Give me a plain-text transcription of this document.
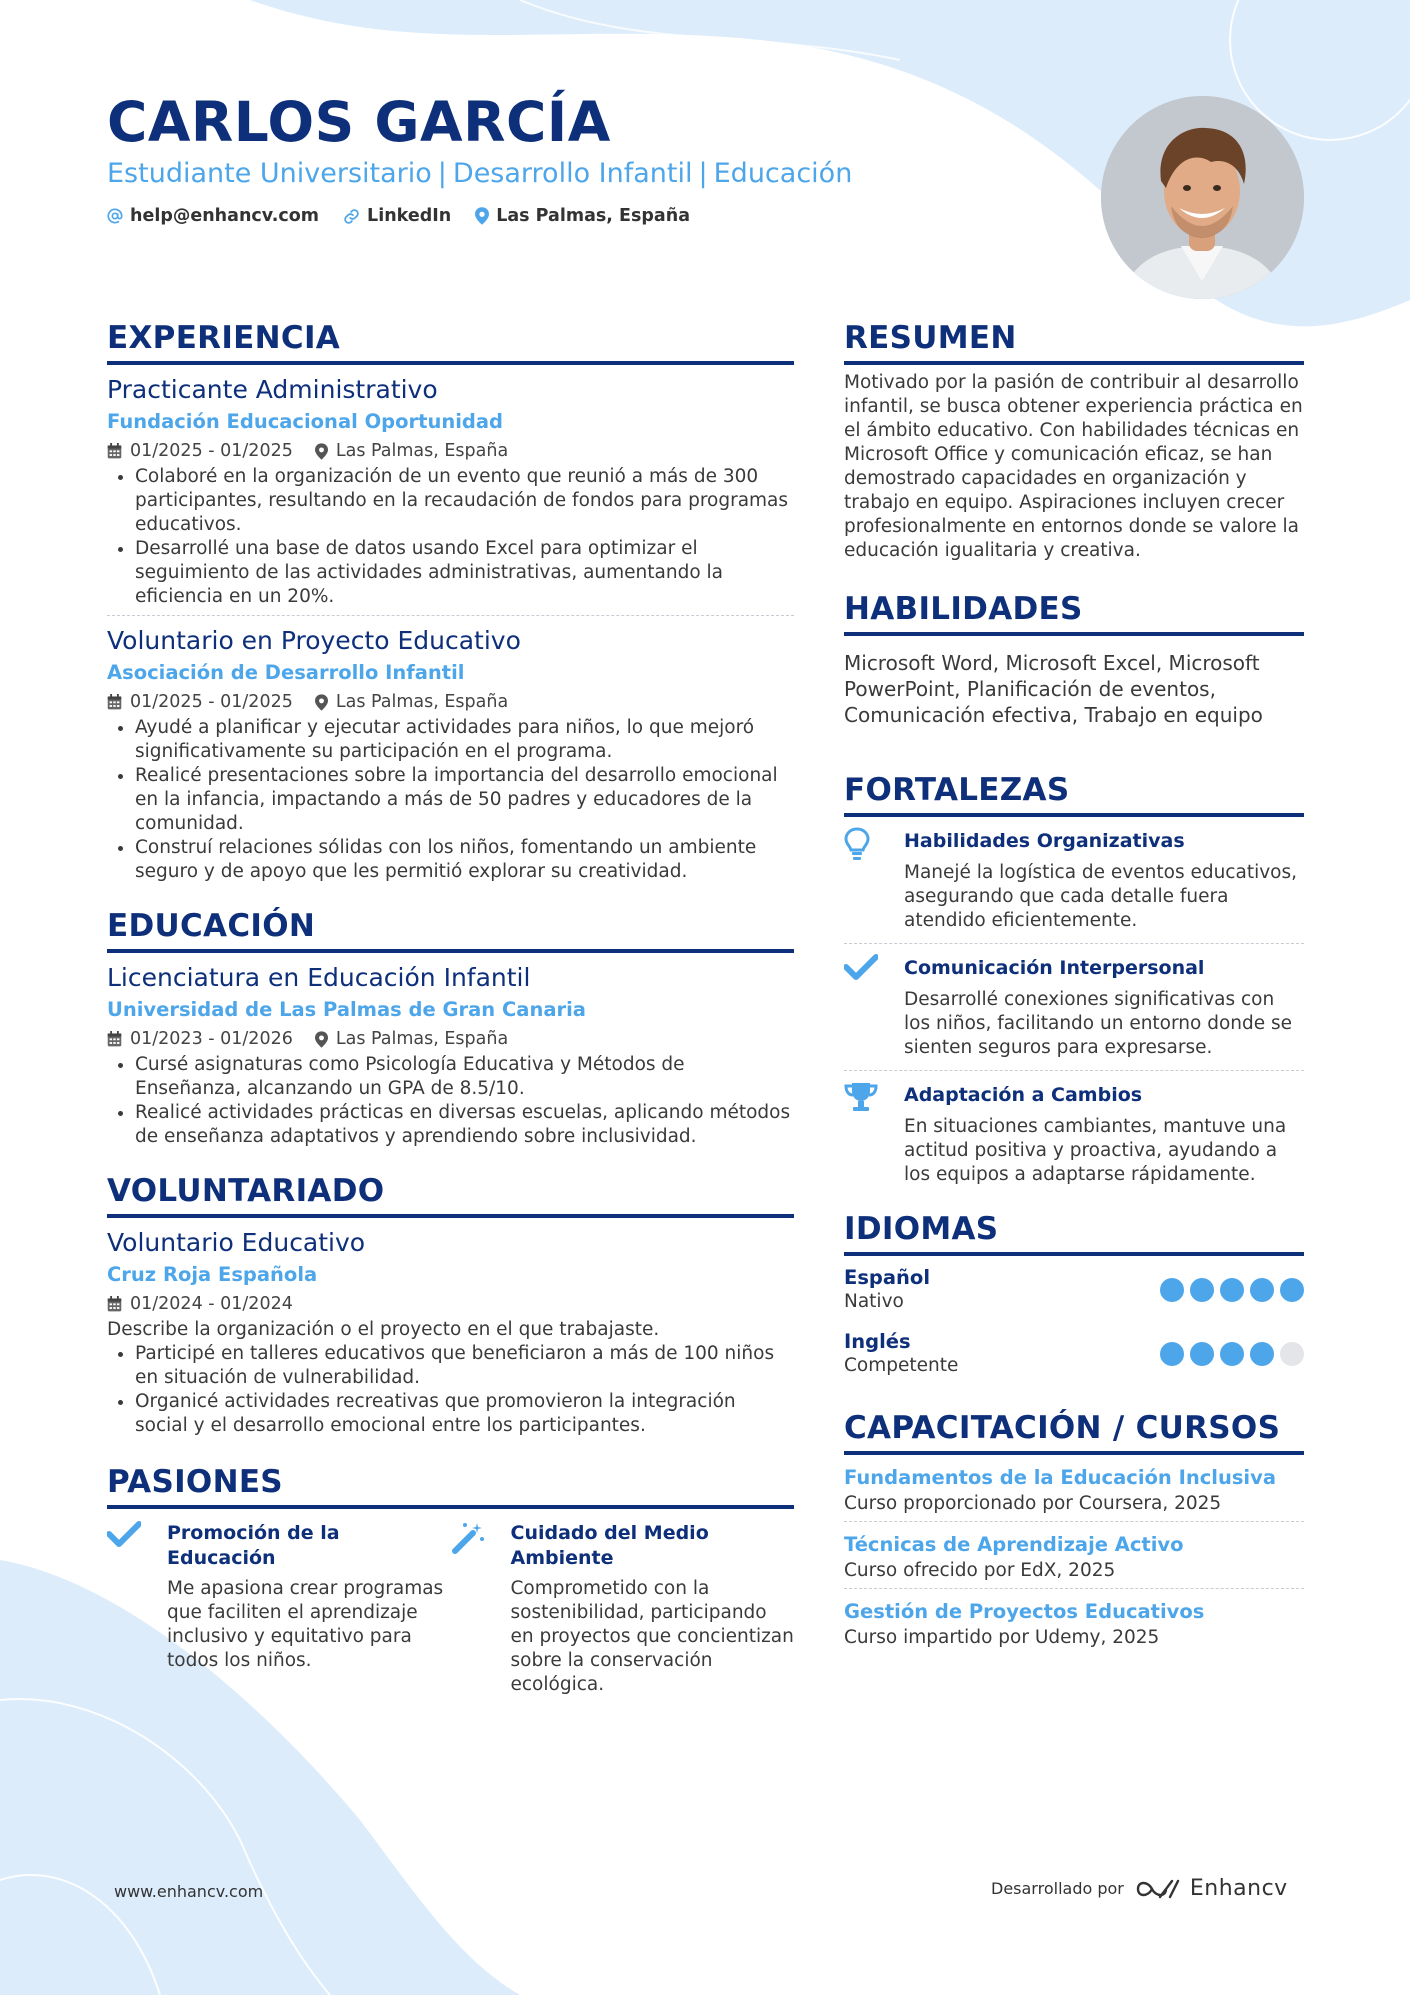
CARLOS GARCÍA
Estudiante Universitario | Desarrollo Infantil | Educación
help@enhancv.com	LinkedIn	Las Palmas, España
EXPERIENCIA
Practicante Administrativo
Fundación Educacional Oportunidad
01/2025 - 01/2025 Las Palmas, España
Colaboré en la organización de un evento que reunió a más de 300 participantes, resultando en la recaudación de fondos para programas educativos.
Desarrollé una base de datos usando Excel para optimizar el seguimiento de las actividades administrativas, aumentando la eficiencia en un 20%.
Voluntario en Proyecto Educativo
Asociación de Desarrollo Infantil
01/2025 - 01/2025 Las Palmas, España
Ayudé a planificar y ejecutar actividades para niños, lo que mejoró significativamente su participación en el programa.
Realicé presentaciones sobre la importancia del desarrollo emocional en la infancia, impactando a más de 50 padres y educadores de la comunidad.
Construí relaciones sólidas con los niños, fomentando un ambiente seguro y de apoyo que les permitió explorar su creatividad.
EDUCACIÓN
Licenciatura en Educación Infantil
Universidad de Las Palmas de Gran Canaria
01/2023 - 01/2026 Las Palmas, España
Cursé asignaturas como Psicología Educativa y Métodos de Enseñanza, alcanzando un GPA de 8.5/10.
Realicé actividades prácticas en diversas escuelas, aplicando métodos de enseñanza adaptativos y aprendiendo sobre inclusividad.
VOLUNTARIADO
Voluntario Educativo
Cruz Roja Española
01/2024 - 01/2024
Describe la organización o el proyecto en el que trabajaste.
Participé en talleres educativos que beneficiaron a más de 100 niños en situación de vulnerabilidad.
Organicé actividades recreativas que promovieron la integración social y el desarrollo emocional entre los participantes.
PASIONES
Promoción de la Educación
Me apasiona crear programas que faciliten el aprendizaje inclusivo y equitativo para todos los niños.
Cuidado del Medio Ambiente
Comprometido con la sostenibilidad, participando en proyectos que concientizan sobre la conservación ecológica.
RESUMEN
Motivado por la pasión de contribuir al desarrollo infantil, se busca obtener experiencia práctica en el ámbito educativo. Con habilidades técnicas en Microsoft Office y comunicación eficaz, se han demostrado capacidades en organización y trabajo en equipo. Aspiraciones incluyen crecer profesionalmente en entornos donde se valore la educación igualitaria y creativa.
HABILIDADES
Microsoft Word, Microsoft Excel, Microsoft PowerPoint, Planificación de eventos, Comunicación efectiva, Trabajo en equipo
FORTALEZAS
Habilidades Organizativas
Manejé la logística de eventos educativos, asegurando que cada detalle fuera atendido eficientemente.
Comunicación Interpersonal
Desarrollé conexiones significativas con los niños, facilitando un entorno donde se sienten seguros para expresarse.
Adaptación a Cambios
En situaciones cambiantes, mantuve una actitud positiva y proactiva, ayudando a los equipos a adaptarse rápidamente.
IDIOMAS
Español
Nativo
Inglés
Competente
CAPACITACIÓN / CURSOS
Fundamentos de la Educación Inclusiva
Curso proporcionado por Coursera, 2025
Técnicas de Aprendizaje Activo
Curso ofrecido por EdX, 2025
Gestión de Proyectos Educativos
Curso impartido por Udemy, 2025
www.enhancv.com	Desarrollado por	Enhancv
